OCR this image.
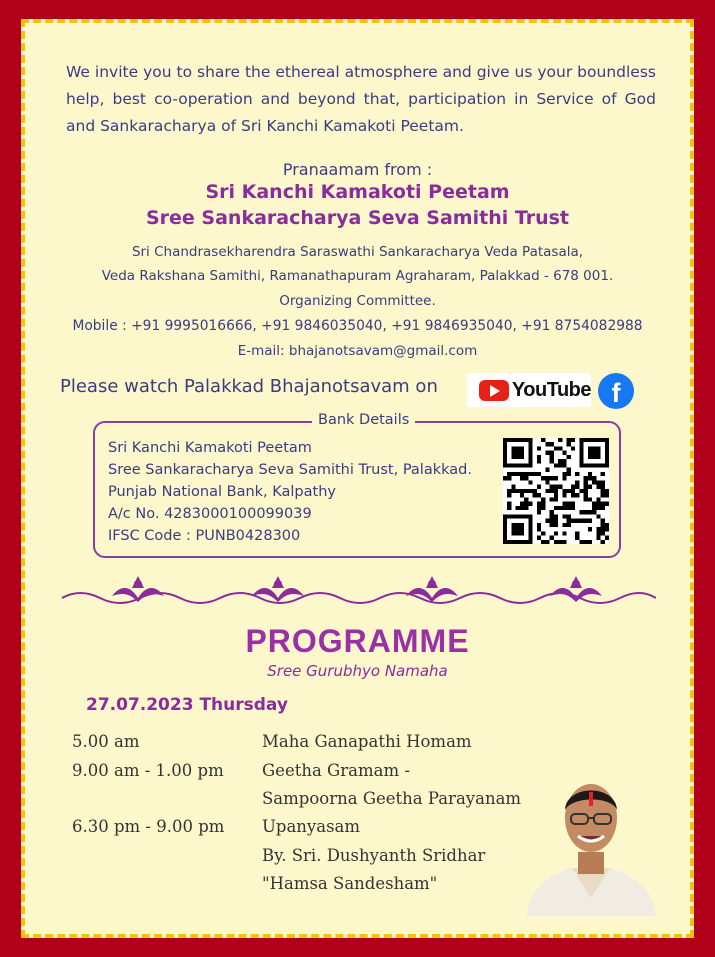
We invite you to share the ethereal atmosphere and give us your boundless help, best co-operation and beyond that, participation in Service of God and Sankaracharya of Sri Kanchi Kamakoti Peetam.
Pranaamam from :
Sri Kanchi Kamakoti Peetam
Sree Sankaracharya Seva Samithi Trust
Sri Chandrasekharendra Saraswathi Sankaracharya Veda Patasala,
Veda Rakshana Samithi, Ramanathapuram Agraharam, Palakkad - 678 001.
Organizing Committee.
Mobile : +91 9995016666, +91 9846035040, +91 9846935040, +91 8754082988
E-mail: bhajanotsavam@gmail.com
Please watch Palakkad Bhajanotsavam on	YouTube f
Bank Details
Sri Kanchi Kamakoti Peetam
Sree Sankaracharya Seva Samithi Trust, Palakkad.
Punjab National Bank, Kalpathy
A/c No. 4283000100099039
IFSC Code : PUNB0428300
PROGRAMME
Sree Gurubhyo Namaha
27.07.2023 Thursday
5.00 am
9.00 am - 1.00 pm
6.30 pm - 9.00 pm
Maha Ganapathi Homam
Geetha Gramam -
Sampoorna Geetha Parayanam
Upanyasam
By. Sri. Dushyanth Sridhar
"Hamsa Sandesham"
